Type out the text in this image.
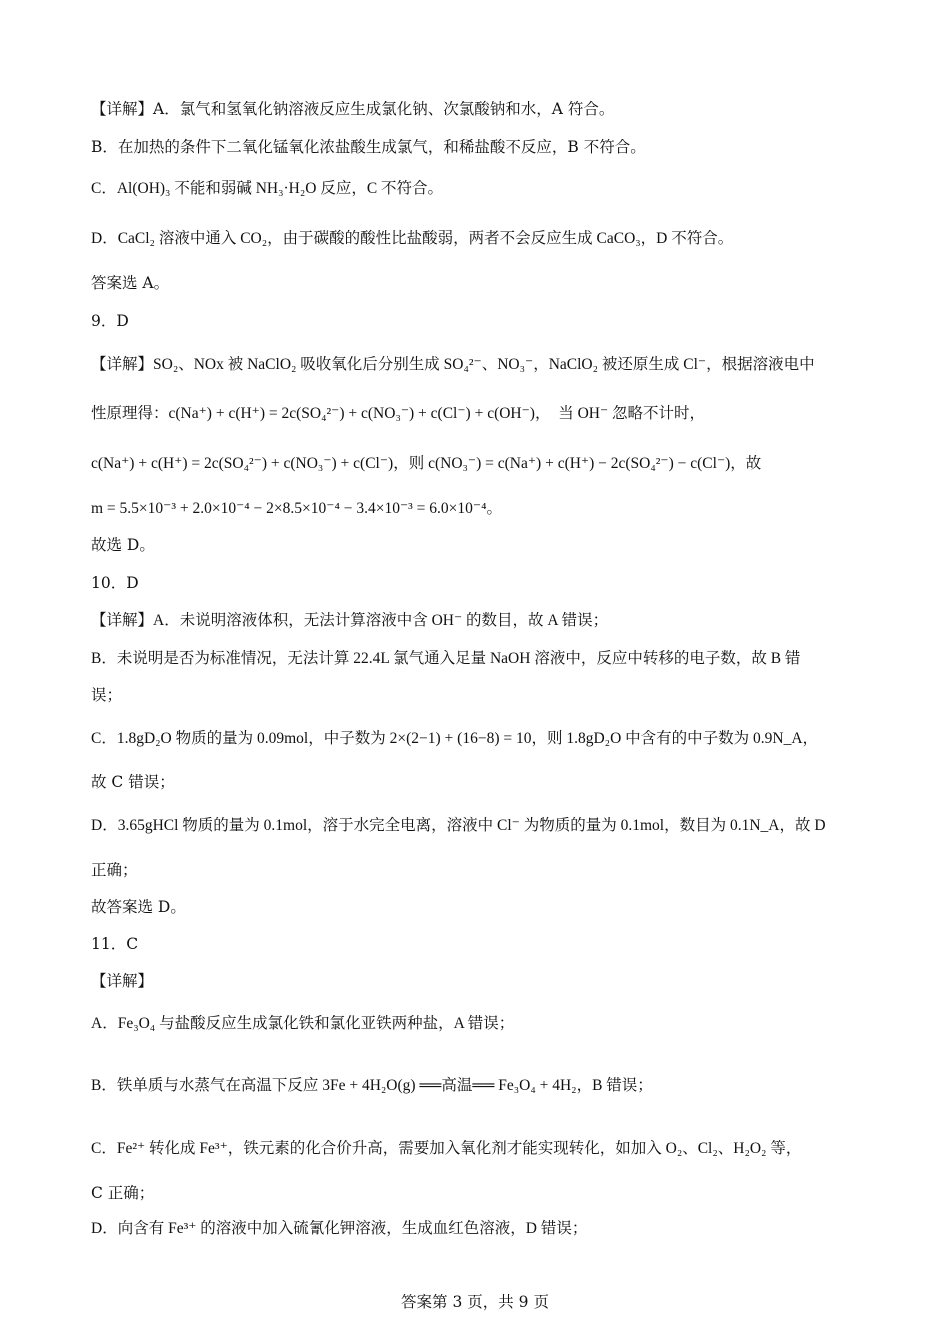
【详解】A．氯气和氢氧化钠溶液反应生成氯化钠、次氯酸钠和水，A 符合。
B．在加热的条件下二氧化锰氧化浓盐酸生成氯气，和稀盐酸不反应，B 不符合。
C．Al(OH)₃ 不能和弱碱 NH₃·H₂O 反应，C 不符合。
D．CaCl₂ 溶液中通入 CO₂，由于碳酸的酸性比盐酸弱，两者不会反应生成 CaCO₃，D 不符合。
答案选 A。
9．D
【详解】SO₂、NOx 被 NaClO₂ 吸收氧化后分别生成 SO₄²⁻、NO₃⁻，NaClO₂ 被还原生成 Cl⁻，根据溶液电中
性原理得：c(Na⁺) + c(H⁺) = 2c(SO₄²⁻) + c(NO₃⁻) + c(Cl⁻) + c(OH⁻)，　当 OH⁻ 忽略不计时，
c(Na⁺) + c(H⁺) = 2c(SO₄²⁻) + c(NO₃⁻) + c(Cl⁻)，则 c(NO₃⁻) = c(Na⁺) + c(H⁺) − 2c(SO₄²⁻) − c(Cl⁻)，故
m = 5.5×10⁻³ + 2.0×10⁻⁴ − 2×8.5×10⁻⁴ − 3.4×10⁻³ = 6.0×10⁻⁴。
故选 D。
10．D
【详解】A．未说明溶液体积，无法计算溶液中含 OH⁻ 的数目，故 A 错误；
B．未说明是否为标准情况，无法计算 22.4L 氯气通入足量 NaOH 溶液中，反应中转移的电子数，故 B 错
误；
C．1.8gD₂O 物质的量为 0.09mol，中子数为 2×(2−1) + (16−8) = 10，则 1.8gD₂O 中含有的中子数为 0.9N_A，
故 C 错误；
D．3.65gHCl 物质的量为 0.1mol，溶于水完全电离，溶液中 Cl⁻ 为物质的量为 0.1mol，数目为 0.1N_A，故 D
正确；
故答案选 D。
11．C
【详解】
A．Fe₃O₄ 与盐酸反应生成氯化铁和氯化亚铁两种盐，A 错误；
B．铁单质与水蒸气在高温下反应 3Fe + 4H₂O(g) ══高温══ Fe₃O₄ + 4H₂，B 错误；
C．Fe²⁺ 转化成 Fe³⁺，铁元素的化合价升高，需要加入氧化剂才能实现转化，如加入 O₂、Cl₂、H₂O₂ 等，
C 正确；
D．向含有 Fe³⁺ 的溶液中加入硫氰化钾溶液，生成血红色溶液，D 错误；
答案第 3 页，共 9 页
